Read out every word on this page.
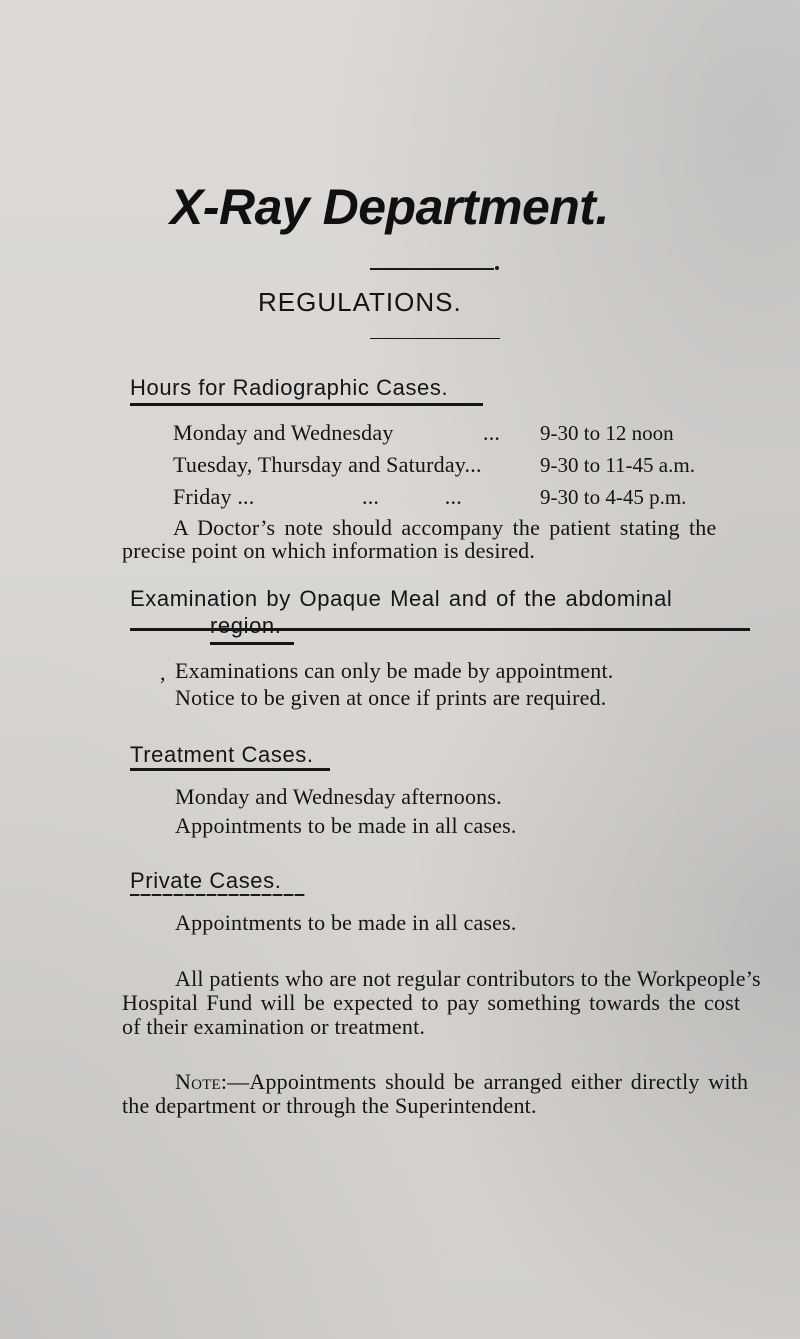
X-Ray Department.
REGULATIONS.
Hours for Radiographic Cases.
Monday and Wednesday	... 9-30 to 12 noon
Tuesday, Thursday and Saturday...	9-30 to 11-45 a.m.
Friday ...	... ...	9-30 to 4-45 p.m.
A Doctor’s note should accompany the patient stating the
precise point on which information is desired.
Examination by Opaque Meal and of the abdominal
region.
, Examinations can only be made by appointment.
Notice to be given at once if prints are required.
Treatment Cases.
Monday and Wednesday afternoons.
Appointments to be made in all cases.
Private Cases.
Appointments to be made in all cases.
All patients who are not regular contributors to the Workpeople’s
Hospital Fund will be expected to pay something towards the cost
of their examination or treatment.
Note:—Appointments should be arranged either directly with
the department or through the Superintendent.
